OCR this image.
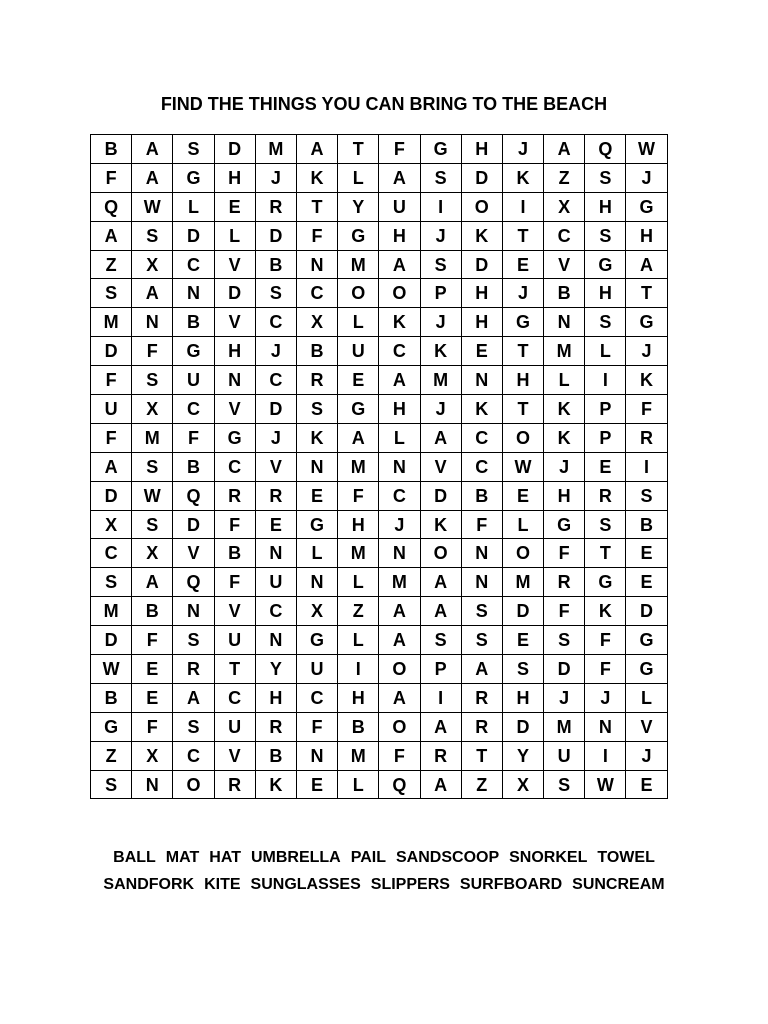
FIND THE THINGS YOU CAN BRING TO THE BEACH
B	A	S	D	M	A	T	F	G	H	J	A	Q	W
F	A	G	H	J	K	L	A	S	D	K	Z	S	J
Q	W	L	E	R	T	Y	U	I	O	I	X	H	G
A	S	D	L	D	F	G	H	J	K	T	C	S	H
Z	X	C	V	B	N	M	A	S	D	E	V	G	A
S	A	N	D	S	C	O	O	P	H	J	B	H	T
M	N	B	V	C	X	L	K	J	H	G	N	S	G
D	F	G	H	J	B	U	C	K	E	T	M	L	J
F	S	U	N	C	R	E	A	M	N	H	L	I	K
U	X	C	V	D	S	G	H	J	K	T	K	P	F
F	M	F	G	J	K	A	L	A	C	O	K	P	R
A	S	B	C	V	N	M	N	V	C	W	J	E	I
D	W	Q	R	R	E	F	C	D	B	E	H	R	S
X	S	D	F	E	G	H	J	K	F	L	G	S	B
C	X	V	B	N	L	M	N	O	N	O	F	T	E
S	A	Q	F	U	N	L	M	A	N	M	R	G	E
M	B	N	V	C	X	Z	A	A	S	D	F	K	D
D	F	S	U	N	G	L	A	S	S	E	S	F	G
W	E	R	T	Y	U	I	O	P	A	S	D	F	G
B	E	A	C	H	C	H	A	I	R	H	J	J	L
G	F	S	U	R	F	B	O	A	R	D	M	N	V
Z	X	C	V	B	N	M	F	R	T	Y	U	I	J
S	N	O	R	K	E	L	Q	A	Z	X	S	W	E
BALL MAT HAT UMBRELLA PAIL SANDSCOOP SNORKEL TOWEL
SANDFORK KITE SUNGLASSES SLIPPERS SURFBOARD SUNCREAM
